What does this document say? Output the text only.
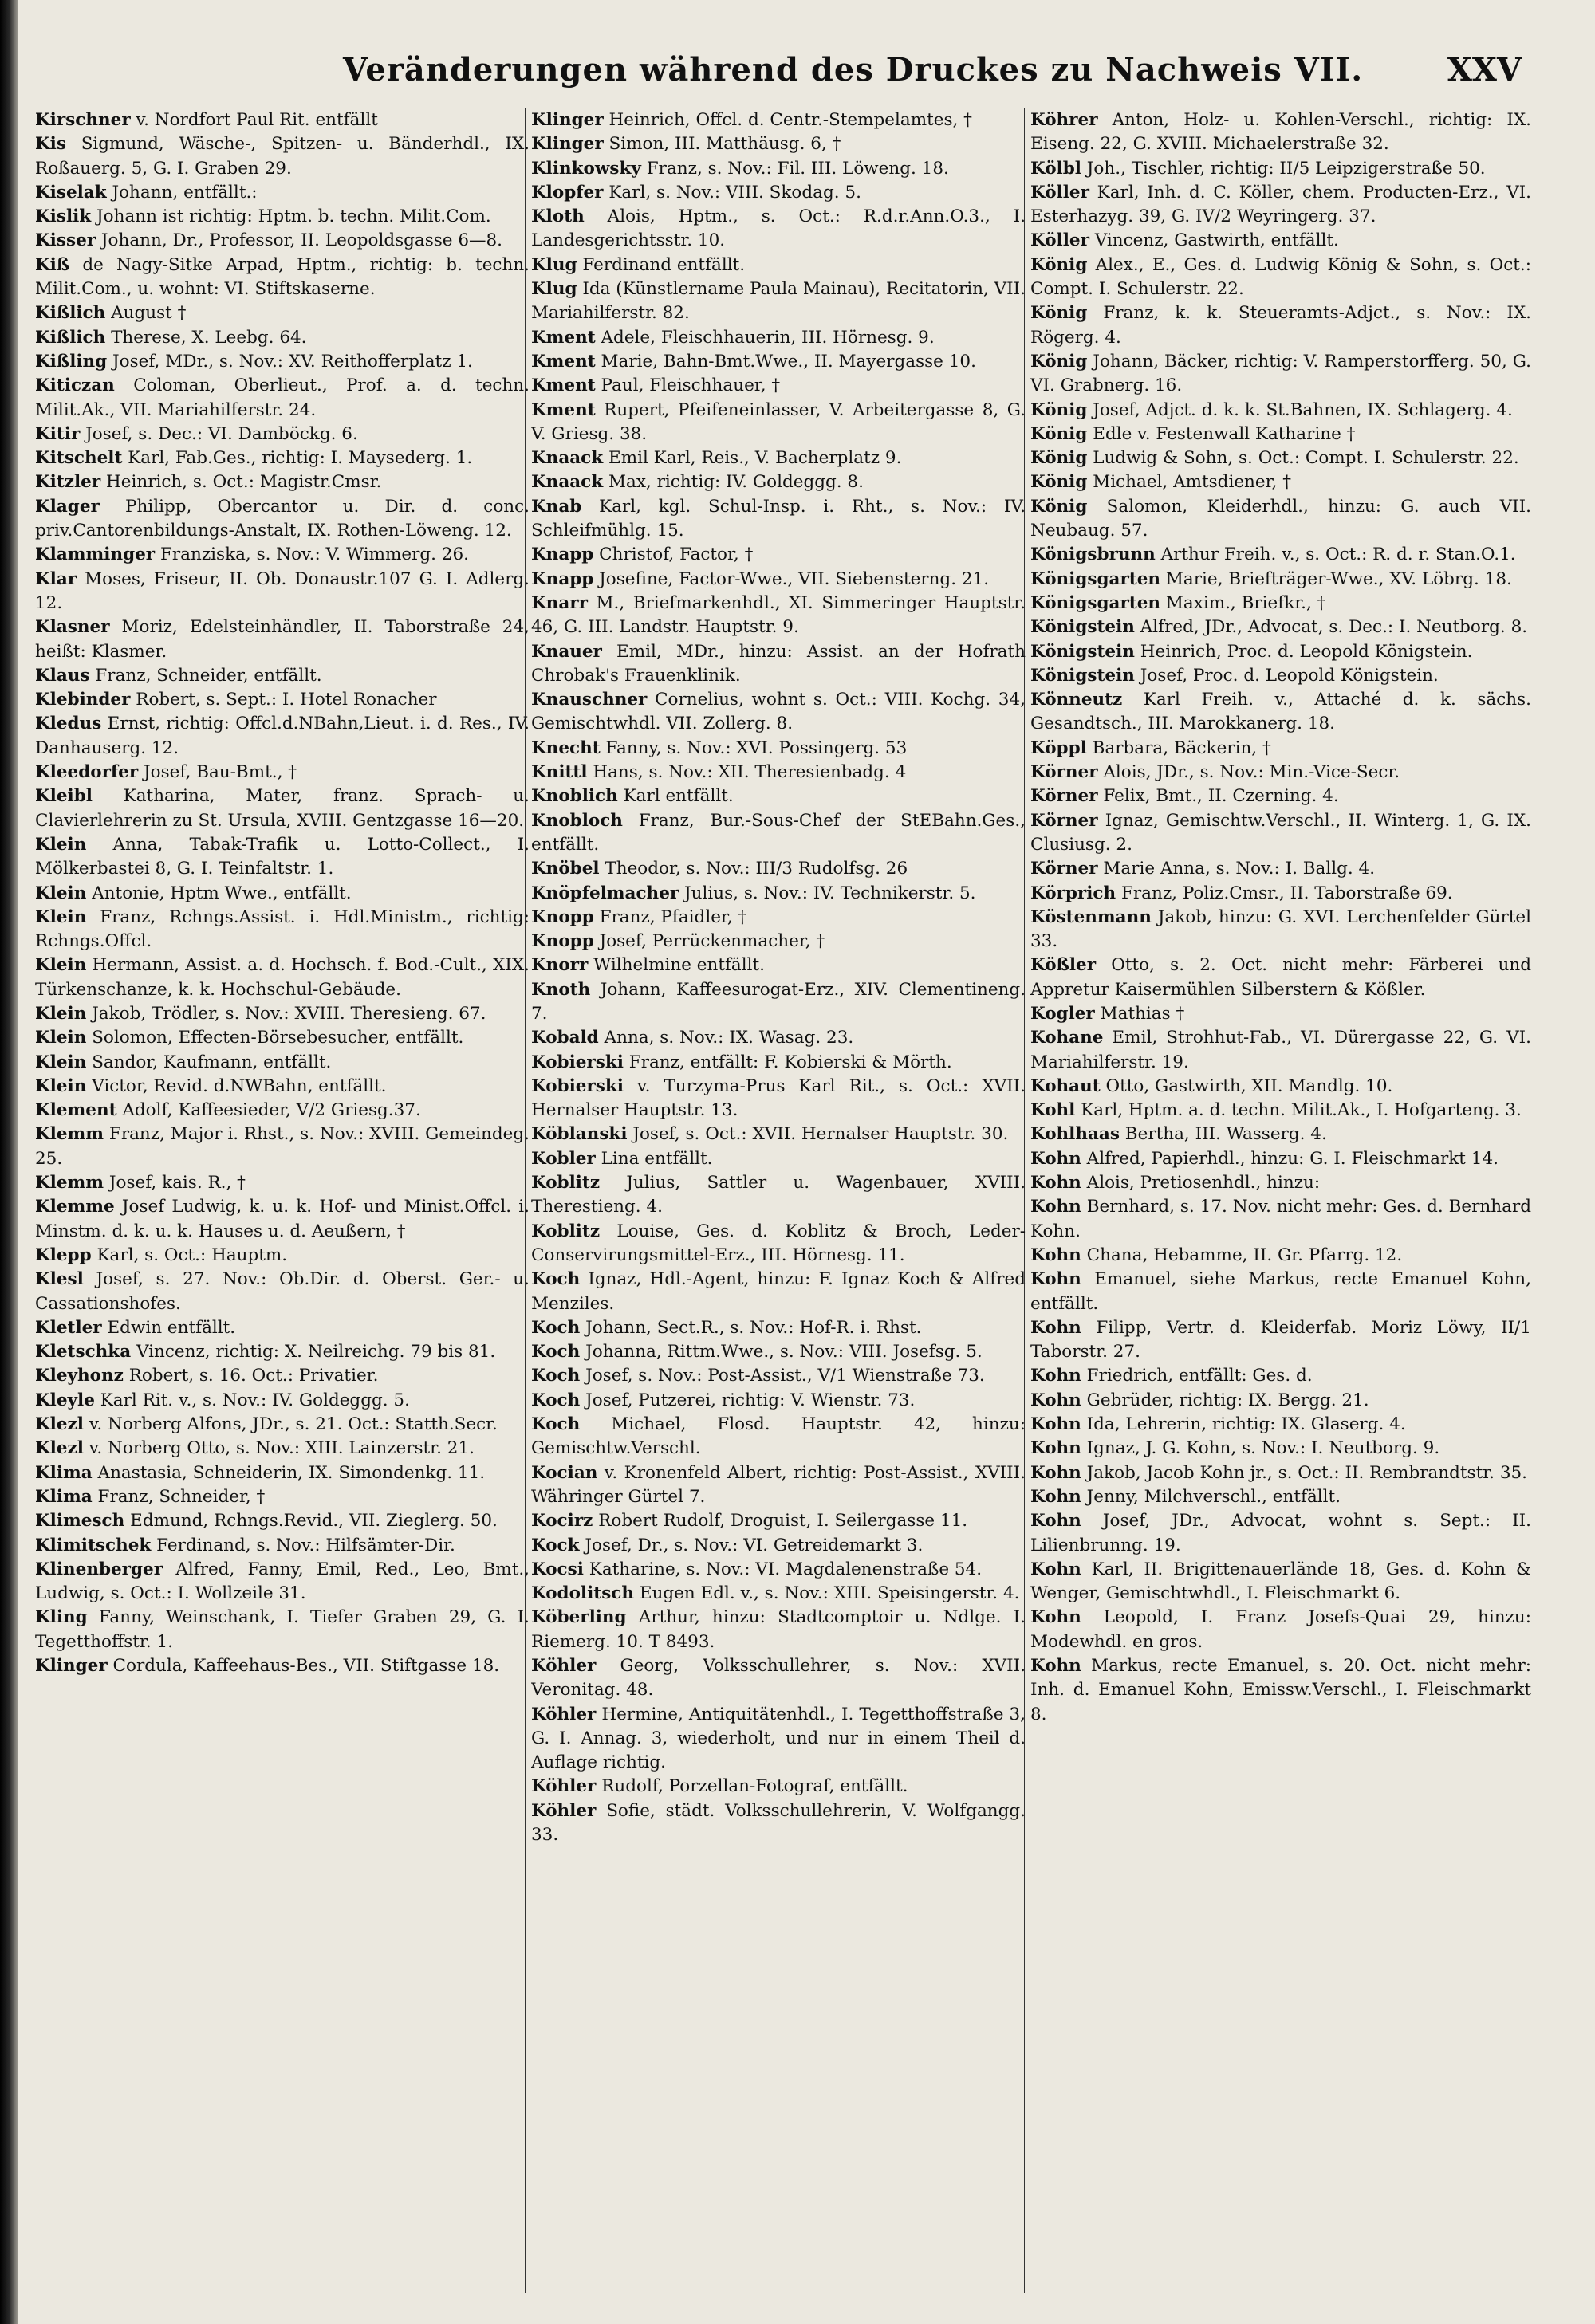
Veränderungen während des Druckes zu Nachweis VII.	XXV

Kirschner v. Nordfort Paul Rit. entfällt

Kis Sigmund, Wäsche-, Spitzen- u. Bänderhdl., IX. Roßauerg. 5, G. I. Graben 29.

Kiselak Johann, entfällt.:

Kislik Johann ist richtig: Hptm. b. techn. Milit.Com.

Kisser Johann, Dr., Professor, II. Leopoldsgasse 6—8.

Kiß de Nagy-Sitke Arpad, Hptm., richtig: b. techn. Milit.Com., u. wohnt: VI. Stiftskaserne.

Kißlich August †

Kißlich Therese, X. Leebg. 64.

Kißling Josef, MDr., s. Nov.: XV. Reithofferplatz 1.

Kiticzan Coloman, Oberlieut., Prof. a. d. techn. Milit.Ak., VII. Mariahilferstr. 24.

Kitir Josef, s. Dec.: VI. Damböckg. 6.

Kitschelt Karl, Fab.Ges., richtig: I. Maysederg. 1.

Kitzler Heinrich, s. Oct.: Magistr.Cmsr.

Klager Philipp, Obercantor u. Dir. d. conc. priv.Cantorenbildungs-Anstalt, IX. Rothen-Löweng. 12.

Klamminger Franziska, s. Nov.: V. Wimmerg. 26.

Klar Moses, Friseur, II. Ob. Donaustr.107 G. I. Adlerg. 12.

Klasner Moriz, Edelsteinhändler, II. Taborstraße 24, heißt: Klasmer.

Klaus Franz, Schneider, entfällt.

Klebinder Robert, s. Sept.: I. Hotel Ronacher

Kledus Ernst, richtig: Offcl.d.NBahn,Lieut. i. d. Res., IV. Danhauserg. 12.

Kleedorfer Josef, Bau-Bmt., †

Kleibl Katharina, Mater, franz. Sprach- u. Clavierlehrerin zu St. Ursula, XVIII. Gentzgasse 16—20.

Klein Anna, Tabak-Trafik u. Lotto-Collect., I. Mölkerbastei 8, G. I. Teinfaltstr. 1.

Klein Antonie, Hptm Wwe., entfällt.

Klein Franz, Rchngs.Assist. i. Hdl.Ministm., richtig: Rchngs.Offcl.

Klein Hermann, Assist. a. d. Hochsch. f. Bod.-Cult., XIX. Türkenschanze, k. k. Hochschul-Gebäude.

Klein Jakob, Trödler, s. Nov.: XVIII. Theresieng. 67.

Klein Solomon, Effecten-Börsebesucher, entfällt.

Klein Sandor, Kaufmann, entfällt.

Klein Victor, Revid. d.NWBahn, entfällt.

Klement Adolf, Kaffeesieder, V/2 Griesg.37.

Klemm Franz, Major i. Rhst., s. Nov.: XVIII. Gemeindeg. 25.

Klemm Josef, kais. R., †

Klemme Josef Ludwig, k. u. k. Hof- und Minist.Offcl. i. Minstm. d. k. u. k. Hauses u. d. Aeußern, †

Klepp Karl, s. Oct.: Hauptm.

Klesl Josef, s. 27. Nov.: Ob.Dir. d. Oberst. Ger.- u. Cassationshofes.

Kletler Edwin entfällt.

Kletschka Vincenz, richtig: X. Neilreichg. 79 bis 81.

Kleyhonz Robert, s. 16. Oct.: Privatier.

Kleyle Karl Rit. v., s. Nov.: IV. Goldeggg. 5.

Klezl v. Norberg Alfons, JDr., s. 21. Oct.: Statth.Secr.

Klezl v. Norberg Otto, s. Nov.: XIII. Lainzerstr. 21.

Klima Anastasia, Schneiderin, IX. Simondenkg. 11.

Klima Franz, Schneider, †

Klimesch Edmund, Rchngs.Revid., VII. Zieglerg. 50.

Klimitschek Ferdinand, s. Nov.: Hilfsämter-Dir.

Klinenberger Alfred, Fanny, Emil, Red., Leo, Bmt., Ludwig, s. Oct.: I. Wollzeile 31.

Kling Fanny, Weinschank, I. Tiefer Graben 29, G. I. Tegetthoffstr. 1.

Klinger Cordula, Kaffeehaus-Bes., VII. Stiftgasse 18.

Klinger Heinrich, Offcl. d. Centr.-Stempelamtes, †

Klinger Simon, III. Matthäusg. 6, †

Klinkowsky Franz, s. Nov.: Fil. III. Löweng. 18.

Klopfer Karl, s. Nov.: VIII. Skodag. 5.

Kloth Alois, Hptm., s. Oct.: R.d.r.Ann.O.3., I. Landesgerichtsstr. 10.

Klug Ferdinand entfällt.

Klug Ida (Künstlername Paula Mainau), Recitatorin, VII. Mariahilferstr. 82.

Kment Adele, Fleischhauerin, III. Hörnesg. 9.

Kment Marie, Bahn-Bmt.Wwe., II. Mayergasse 10.

Kment Paul, Fleischhauer, †

Kment Rupert, Pfeifeneinlasser, V. Arbeitergasse 8, G. V. Griesg. 38.

Knaack Emil Karl, Reis., V. Bacherplatz 9.

Knaack Max, richtig: IV. Goldeggg. 8.

Knab Karl, kgl. Schul-Insp. i. Rht., s. Nov.: IV. Schleifmühlg. 15.

Knapp Christof, Factor, †

Knapp Josefine, Factor-Wwe., VII. Siebensterng. 21.

Knarr M., Briefmarkenhdl., XI. Simmeringer Hauptstr. 46, G. III. Landstr. Hauptstr. 9.

Knauer Emil, MDr., hinzu: Assist. an der Hofrath Chrobak's Frauenklinik.

Knauschner Cornelius, wohnt s. Oct.: VIII. Kochg. 34, Gemischtwhdl. VII. Zollerg. 8.

Knecht Fanny, s. Nov.: XVI. Possingerg. 53

Knittl Hans, s. Nov.: XII. Theresienbadg. 4

Knoblich Karl entfällt.

Knobloch Franz, Bur.-Sous-Chef der StEBahn.Ges., entfällt.

Knöbel Theodor, s. Nov.: III/3 Rudolfsg. 26

Knöpfelmacher Julius, s. Nov.: IV. Technikerstr. 5.

Knopp Franz, Pfaidler, †

Knopp Josef, Perrückenmacher, †

Knorr Wilhelmine entfällt.

Knoth Johann, Kaffeesurogat-Erz., XIV. Clementineng. 7.

Kobald Anna, s. Nov.: IX. Wasag. 23.

Kobierski Franz, entfällt: F. Kobierski & Mörth.

Kobierski v. Turzyma-Prus Karl Rit., s. Oct.: XVII. Hernalser Hauptstr. 13.

Köblanski Josef, s. Oct.: XVII. Hernalser Hauptstr. 30.

Kobler Lina entfällt.

Koblitz Julius, Sattler u. Wagenbauer, XVIII. Therestieng. 4.

Koblitz Louise, Ges. d. Koblitz & Broch, Leder-Conservirungsmittel-Erz., III. Hörnesg. 11.

Koch Ignaz, Hdl.-Agent, hinzu: F. Ignaz Koch & Alfred Menziles.

Koch Johann, Sect.R., s. Nov.: Hof-R. i. Rhst.

Koch Johanna, Rittm.Wwe., s. Nov.: VIII. Josefsg. 5.

Koch Josef, s. Nov.: Post-Assist., V/1 Wienstraße 73.

Koch Josef, Putzerei, richtig: V. Wienstr. 73.

Koch Michael, Flosd. Hauptstr. 42, hinzu: Gemischtw.Verschl.

Kocian v. Kronenfeld Albert, richtig: Post-Assist., XVIII. Währinger Gürtel 7.

Kocirz Robert Rudolf, Droguist, I. Seilergasse 11.

Kock Josef, Dr., s. Nov.: VI. Getreidemarkt 3.

Kocsi Katharine, s. Nov.: VI. Magdalenenstraße 54.

Kodolitsch Eugen Edl. v., s. Nov.: XIII. Speisingerstr. 4.

Köberling Arthur, hinzu: Stadtcomptoir u. Ndlge. I. Riemerg. 10. T 8493.

Köhler Georg, Volksschullehrer, s. Nov.: XVII. Veronitag. 48.

Köhler Hermine, Antiquitätenhdl., I. Tegetthoffstraße 3, G. I. Annag. 3, wiederholt, und nur in einem Theil d. Auflage richtig.

Köhler Rudolf, Porzellan-Fotograf, entfällt.

Köhler Sofie, städt. Volksschullehrerin, V. Wolfgangg. 33.

Köhrer Anton, Holz- u. Kohlen-Verschl., richtig: IX. Eiseng. 22, G. XVIII. Michaelerstraße 32.

Kölbl Joh., Tischler, richtig: II/5 Leipzigerstraße 50.

Köller Karl, Inh. d. C. Köller, chem. Producten-Erz., VI. Esterhazyg. 39, G. IV/2 Weyringerg. 37.

Köller Vincenz, Gastwirth, entfällt.

König Alex., E., Ges. d. Ludwig König & Sohn, s. Oct.: Compt. I. Schulerstr. 22.

König Franz, k. k. Steueramts-Adjct., s. Nov.: IX. Rögerg. 4.

König Johann, Bäcker, richtig: V. Ramperstorfferg. 50, G. VI. Grabnerg. 16.

König Josef, Adjct. d. k. k. St.Bahnen, IX. Schlagerg. 4.

König Edle v. Festenwall Katharine †

König Ludwig & Sohn, s. Oct.: Compt. I. Schulerstr. 22.

König Michael, Amtsdiener, †

König Salomon, Kleiderhdl., hinzu: G. auch VII. Neubaug. 57.

Königsbrunn Arthur Freih. v., s. Oct.: R. d. r. Stan.O.1.

Königsgarten Marie, Briefträger-Wwe., XV. Löbrg. 18.

Königsgarten Maxim., Briefkr., †

Königstein Alfred, JDr., Advocat, s. Dec.: I. Neutborg. 8.

Königstein Heinrich, Proc. d. Leopold Königstein.

Königstein Josef, Proc. d. Leopold Königstein.

Könneutz Karl Freih. v., Attaché d. k. sächs. Gesandtsch., III. Marokkanerg. 18.

Köppl Barbara, Bäckerin, †

Körner Alois, JDr., s. Nov.: Min.-Vice-Secr.

Körner Felix, Bmt., II. Czerning. 4.

Körner Ignaz, Gemischtw.Verschl., II. Winterg. 1, G. IX. Clusiusg. 2.

Körner Marie Anna, s. Nov.: I. Ballg. 4.

Körprich Franz, Poliz.Cmsr., II. Taborstraße 69.

Köstenmann Jakob, hinzu: G. XVI. Lerchenfelder Gürtel 33.

Kößler Otto, s. 2. Oct. nicht mehr: Färberei und Appretur Kaisermühlen Silberstern & Kößler.

Kogler Mathias †

Kohane Emil, Strohhut-Fab., VI. Dürergasse 22, G. VI. Mariahilferstr. 19.

Kohaut Otto, Gastwirth, XII. Mandlg. 10.

Kohl Karl, Hptm. a. d. techn. Milit.Ak., I. Hofgarteng. 3.

Kohlhaas Bertha, III. Wasserg. 4.

Kohn Alfred, Papierhdl., hinzu: G. I. Fleischmarkt 14.

Kohn Alois, Pretiosenhdl., hinzu:

Kohn Bernhard, s. 17. Nov. nicht mehr: Ges. d. Bernhard Kohn.

Kohn Chana, Hebamme, II. Gr. Pfarrg. 12.

Kohn Emanuel, siehe Markus, recte Emanuel Kohn, entfällt.

Kohn Filipp, Vertr. d. Kleiderfab. Moriz Löwy, II/1 Taborstr. 27.

Kohn Friedrich, entfällt: Ges. d.

Kohn Gebrüder, richtig: IX. Bergg. 21.

Kohn Ida, Lehrerin, richtig: IX. Glaserg. 4.

Kohn Ignaz, J. G. Kohn, s. Nov.: I. Neutborg. 9.

Kohn Jakob, Jacob Kohn jr., s. Oct.: II. Rembrandtstr. 35.

Kohn Jenny, Milchverschl., entfällt.

Kohn Josef, JDr., Advocat, wohnt s. Sept.: II. Lilienbrunng. 19.

Kohn Karl, II. Brigittenauerlände 18, Ges. d. Kohn & Wenger, Gemischtwhdl., I. Fleischmarkt 6.

Kohn Leopold, I. Franz Josefs-Quai 29, hinzu: Modewhdl. en gros.

Kohn Markus, recte Emanuel, s. 20. Oct. nicht mehr: Inh. d. Emanuel Kohn, Emissw.Verschl., I. Fleischmarkt 8.
